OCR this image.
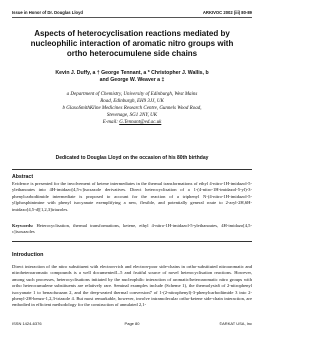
Issue in Honor of Dr. Douglas Lloyd	ARKIVOC 2002 (iii) 80-89
Aspects of heterocyclisation reactions mediated by nucleophilic interaction of aromatic nitro groups with ortho heterocumulene side chains
Kevin J. Duffy, a † George Tennant, a * Christopher J. Wallis, b
and George W. Weaver a ‡

a Department of Chemistry, University of Edinburgh, West Mains

Road, Edinburgh, EH9 3JJ, UK

b GlaxoSmithKline Medicines Research Centre, Gunnels Wood Road,

Stevenage, SG1 2NY, UK

E-mail: G.Tennant@ed.ac.uk

Dedicated to Douglas Lloyd on the occasion of his 80th birthday
Abstract

Evidence is presented for the involvement of ketene intermediates in the thermal transformations of ethyl 4-nitro-1H-imidazol-5-ylethanoates into 4H-imidazo[4,5-c]isoxazole derivatives. Direct heterocyclisation of a 1-(4-nitro-1H-imidazol-5-yl)-3-phenylcarbodiimide intermediate is proposed to account for the reaction of a triphenyl N-(4-nitro-1H-imidazol-5-yl)phosphinimine with phenyl isocyanate exemplifying a new, flexible, and potentially general route to 2-aryl-2H,6H-imidazo[4,5-d][1,2,3]triazoles.

Keywords: Heterocyclisation, thermal transformations, ketene, ethyl 4-nitro-1H-imidazol-5-ylethanoates, 4H-imidazo[4,5-c]isoxazoles

Introduction

Direct interaction of the nitro substituent with electron-rich and electron-poor side-chains in ortho-substituted nitroaromatic and nitroheteroaromatic compounds is a well documented1–5 and fruitful source of novel heterocyclisation reactions. However, among such processes, heterocyclisations initiated by the nucleophilic interaction of aromatic/heteroaromatic nitro groups with ortho heterocumulene substituents are relatively rare. Seminal examples include (Scheme 1), the thermolysis6 of 2-nitrophenyl isocyanate 1 to benzofurazan 2, and the deep-seated thermal conversion7 of 1-(2-nitrophenyl)-3-phenylcarbodiimide 3 into 2-phenyl-2H-benzo-1,2,3-triazole 4. But most remarkable, however, involve intramolecular ortho-ketene side-chain interaction, are embodied in efficient methodology for the construction of annulated 2,1-

ISSN 1424-6376	Page 80	©ARKAT USA, Inc
